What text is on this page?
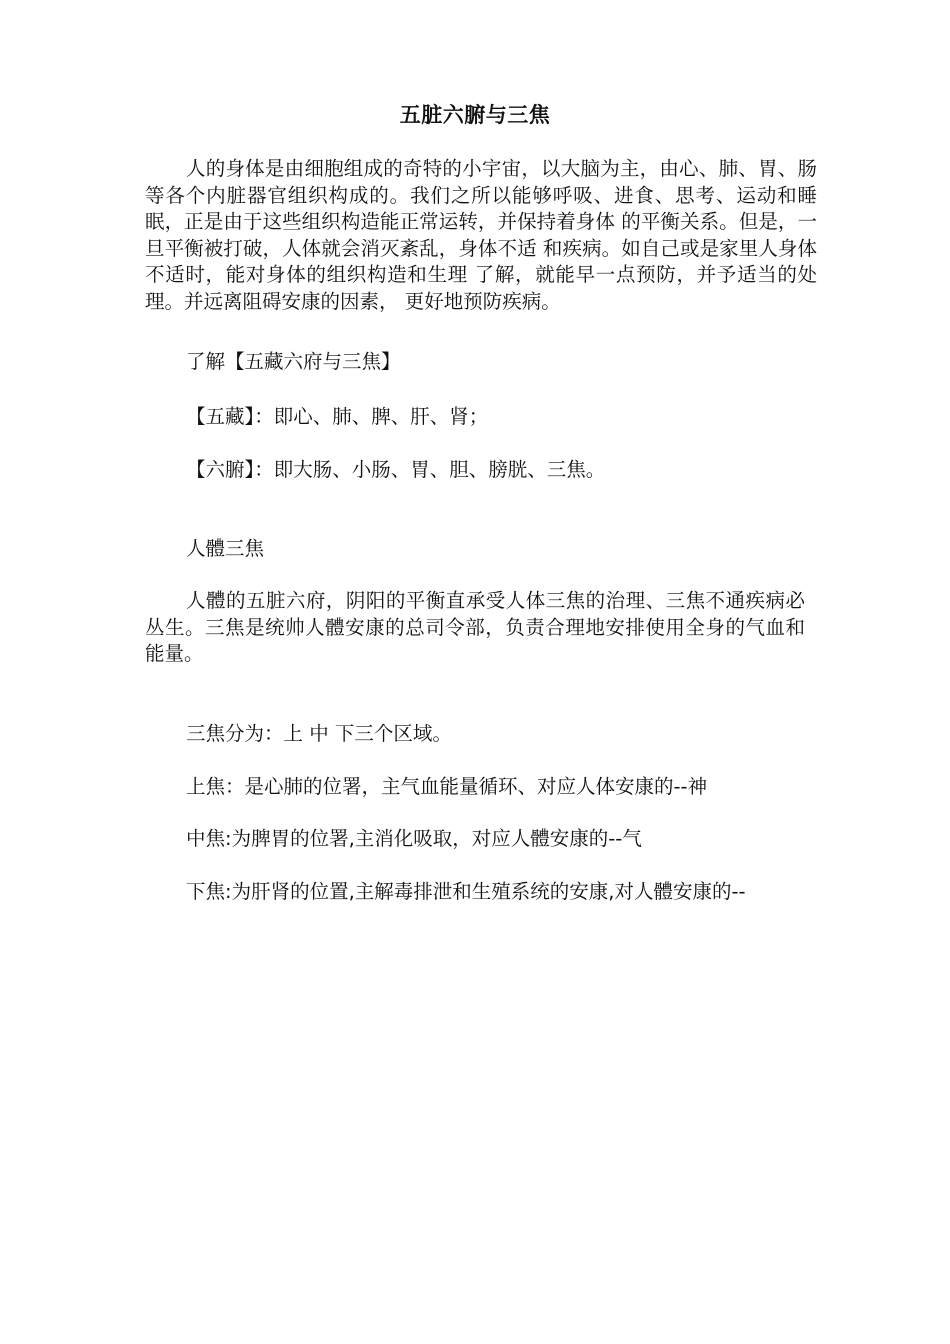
五脏六腑与三焦

人的身体是由细胞组成的奇特的小宇宙，以大脑为主，由心、肺、胃、肠等各个内脏器官组织构成的。我们之所以能够呼吸、进食、思考、运动和睡眠，正是由于这些组织构造能正常运转，并保持着身体 的平衡关系。但是，一旦平衡被打破，人体就会消灭紊乱，身体不适 和疾病。如自己或是家里人身体不适时，能对身体的组织构造和生理 了解，就能早一点预防，并予适当的处理。并远离阻碍安康的因素， 更好地预防疾病。

了解【五藏六府与三焦】

【五藏】：即心、肺、脾、肝、肾；

【六腑】：即大肠、小肠、胃、胆、膀胱、三焦。

人體三焦

人體的五脏六府，阴阳的平衡直承受人体三焦的治理、三焦不通疾病必丛生。三焦是统帅人體安康的总司令部，负责合理地安排使用全身的气血和能量。

三焦分为：上 中 下三个区域。

上焦：是心肺的位署，主气血能量循环、对应人体安康的--神

中焦:为脾胃的位署,主消化吸取，对应人體安康的--气

下焦:为肝肾的位置,主解毒排泄和生殖系统的安康,对人體安康的--
